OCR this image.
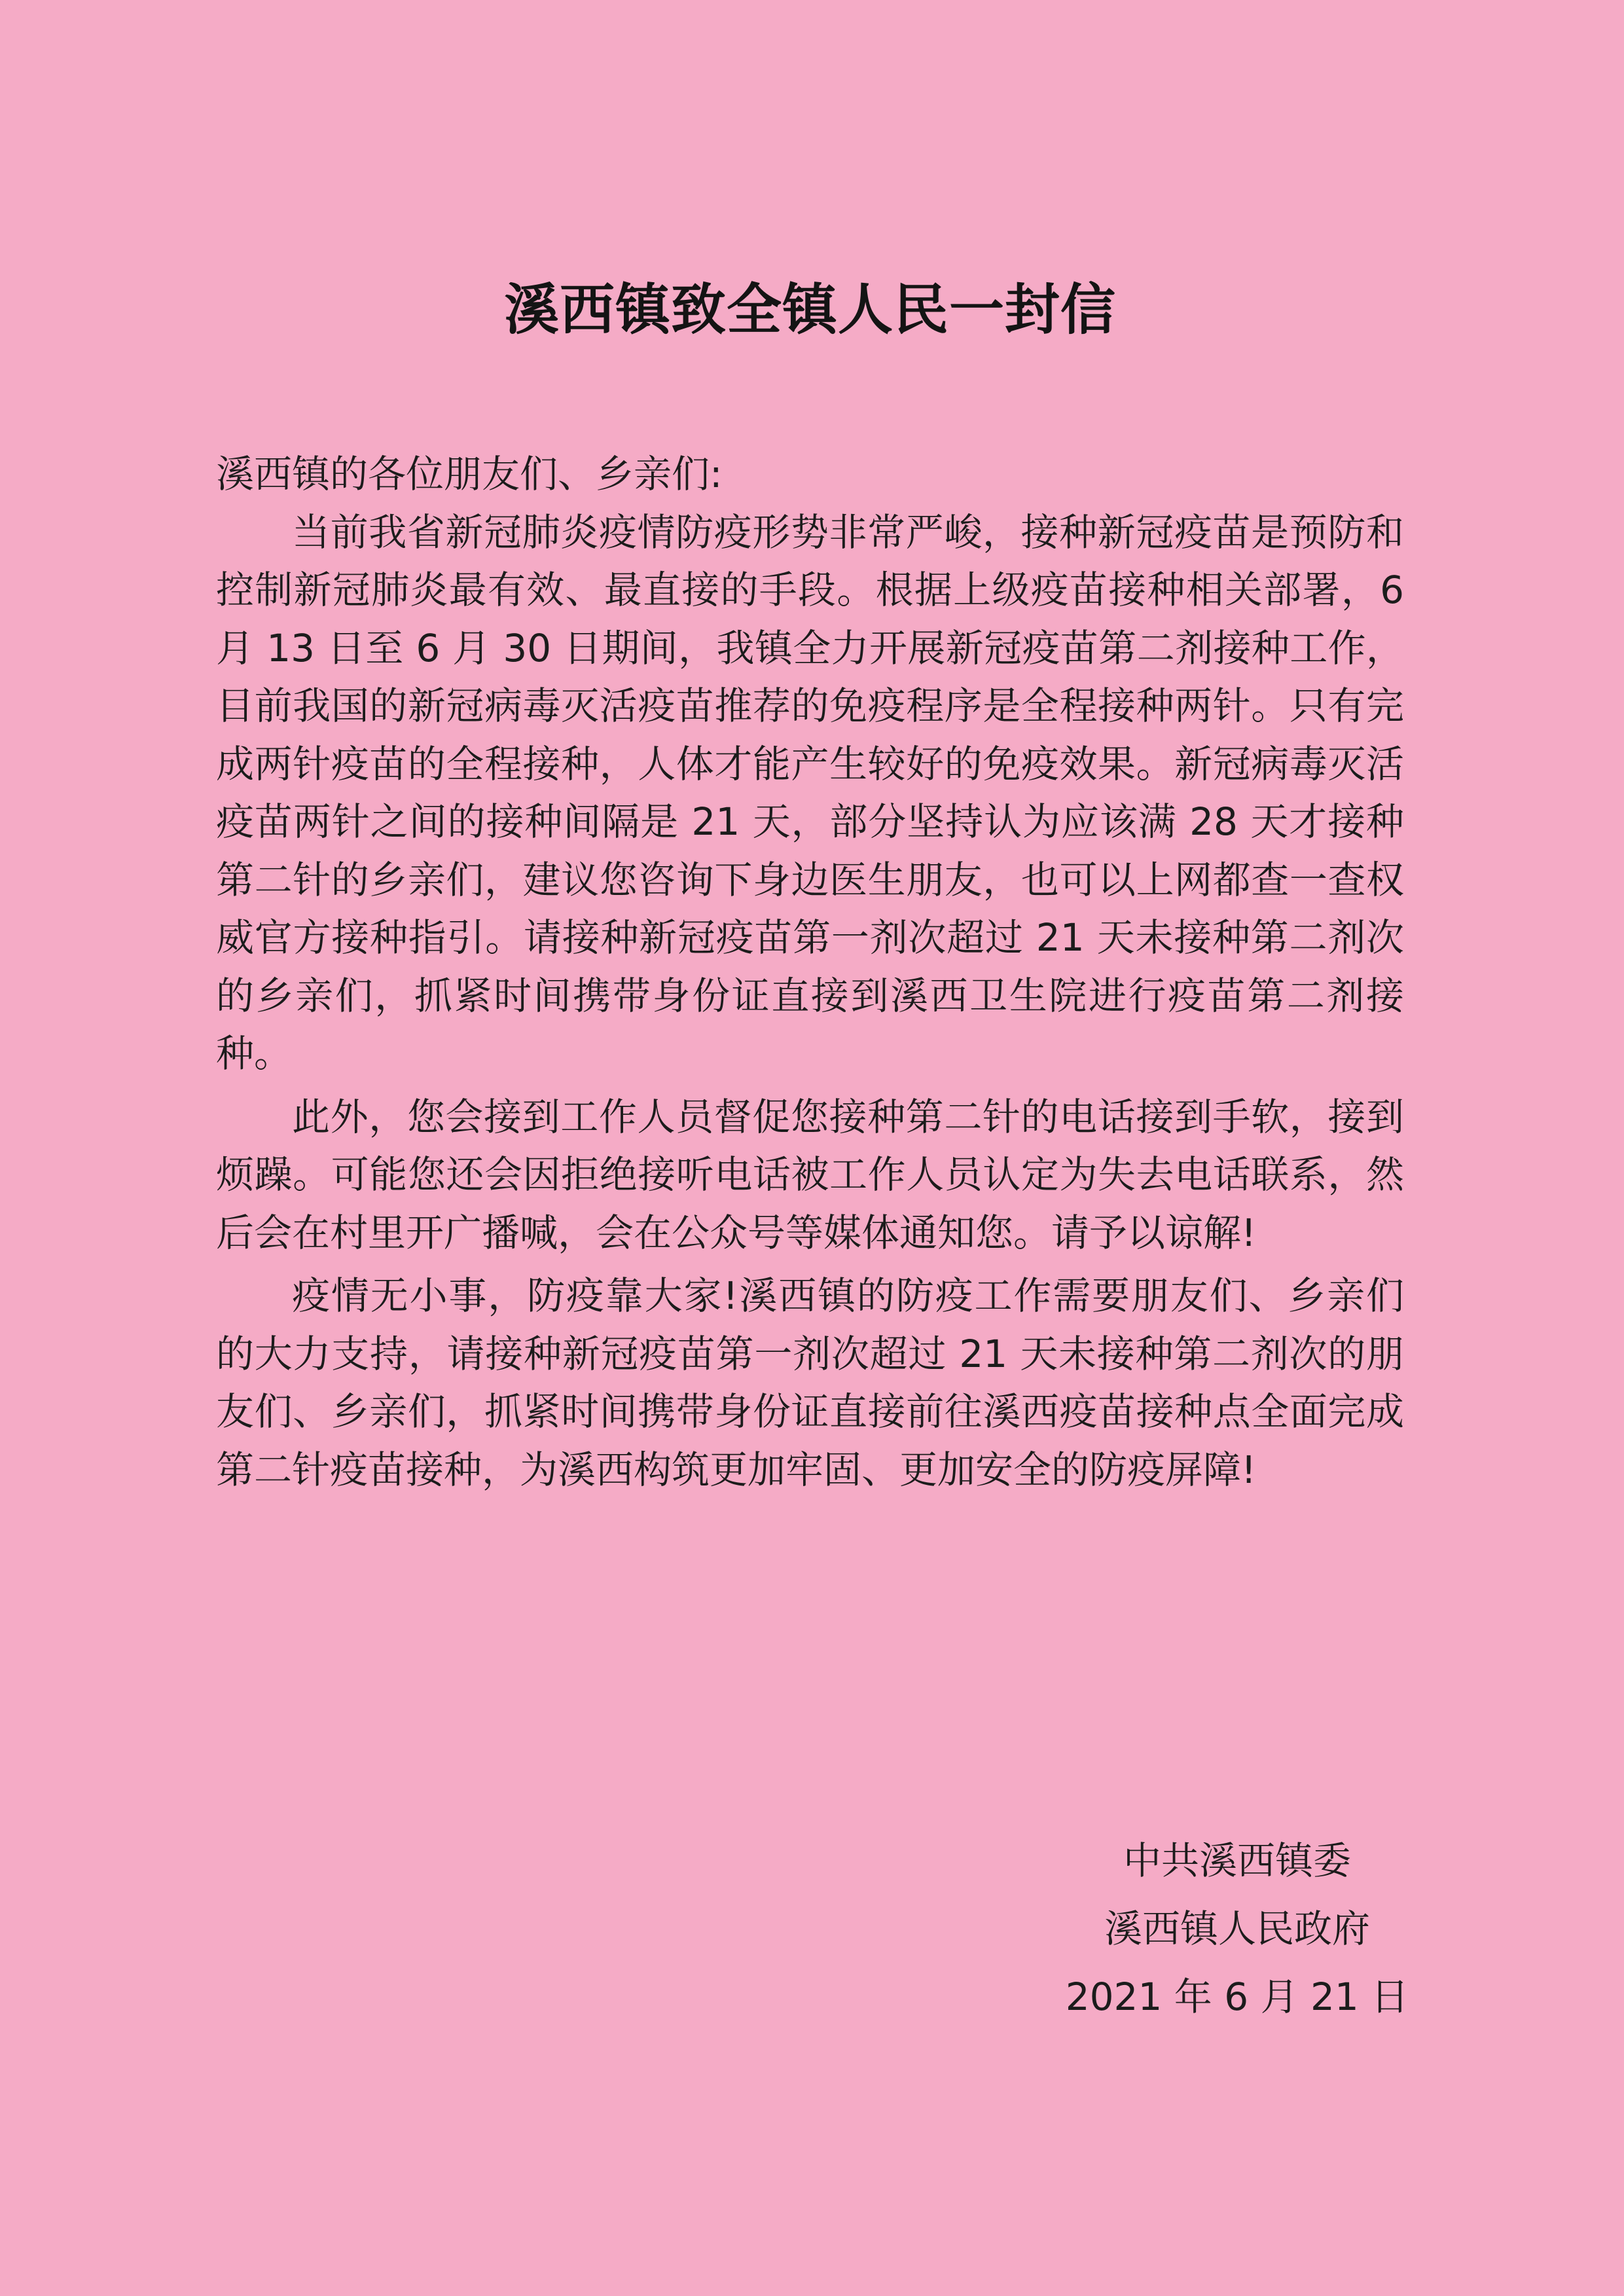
溪西镇致全镇人民一封信

溪西镇的各位朋友们、乡亲们:

当前我省新冠肺炎疫情防疫形势非常严峻，接种新冠疫苗是预防和控制新冠肺炎最有效、最直接的手段。根据上级疫苗接种相关部署，6 月 13 日至 6 月 30 日期间，我镇全力开展新冠疫苗第二剂接种工作，目前我国的新冠病毒灭活疫苗推荐的免疫程序是全程接种两针。只有完成两针疫苗的全程接种，人体才能产生较好的免疫效果。新冠病毒灭活疫苗两针之间的接种间隔是 21 天，部分坚持认为应该满 28 天才接种第二针的乡亲们，建议您咨询下身边医生朋友，也可以上网都查一查权威官方接种指引。请接种新冠疫苗第一剂次超过 21 天未接种第二剂次的乡亲们，抓紧时间携带身份证直接到溪西卫生院进行疫苗第二剂接种。

此外，您会接到工作人员督促您接种第二针的电话接到手软，接到烦躁。可能您还会因拒绝接听电话被工作人员认定为失去电话联系，然后会在村里开广播喊，会在公众号等媒体通知您。请予以谅解!

疫情无小事，防疫靠大家!溪西镇的防疫工作需要朋友们、乡亲们的大力支持，请接种新冠疫苗第一剂次超过 21 天未接种第二剂次的朋友们、乡亲们，抓紧时间携带身份证直接前往溪西疫苗接种点全面完成第二针疫苗接种，为溪西构筑更加牢固、更加安全的防疫屏障!

中共溪西镇委
溪西镇人民政府
2021 年 6 月 21 日
